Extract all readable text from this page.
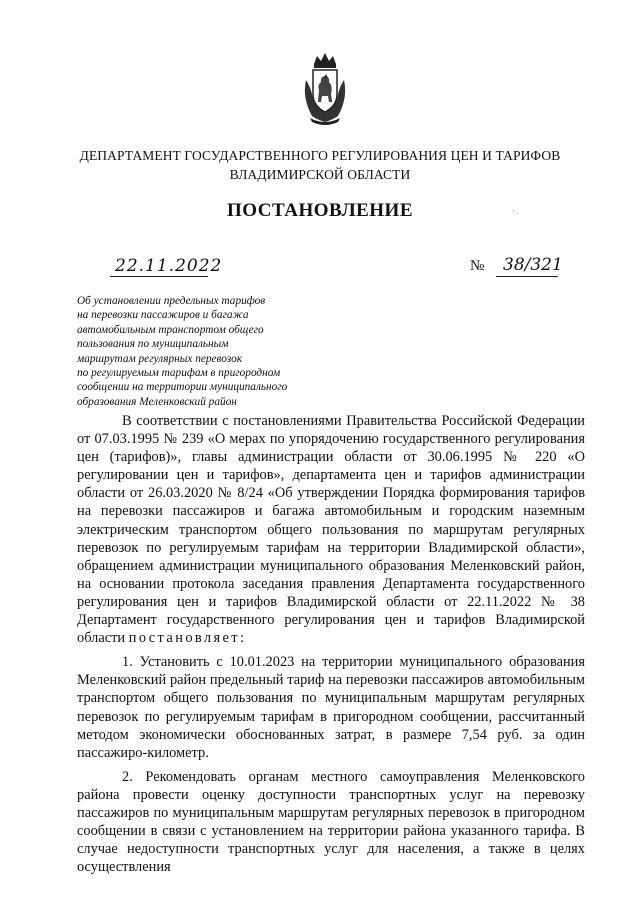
ДЕПАРТАМЕНТ ГОСУДАРСТВЕННОГО РЕГУЛИРОВАНИЯ ЦЕН И ТАРИФОВ
ВЛАДИМИРСКОЙ ОБЛАСТИ
ПОСТАНОВЛЕНИЕ	· .
22.11.2022	№ 38/321
Об установлении предельных тарифов
на перевозки пассажиров и багажа
автомобильным транспортом общего
пользования по муниципальным
маршрутам регулярных перевозок
по регулируемым тарифам в пригородном
сообщении на территории муниципального
образования Меленковский район

В соответствии с постановлениями Правительства Российской Федерации от 07.03.1995 № 239 «О мерах по упорядочению государственного регулирования цен (тарифов)», главы администрации области от 30.06.1995 № 220 «О регулировании цен и тарифов», департамента цен и тарифов администрации области от 26.03.2020 № 8/24 «Об утверждении Порядка формирования тарифов на перевозки пассажиров и багажа автомобильным и городским наземным электрическим транспортом общего пользования по маршрутам регулярных перевозок по регулируемым тарифам на территории Владимирской области», обращением администрации муниципального образования Меленковский район, на основании протокола заседания правления Департамента государственного регулирования цен и тарифов Владимирской области от 22.11.2022 № 38 Департамент государственного регулирования цен и тарифов Владимирской области постановляет:

1. Установить с 10.01.2023 на территории муниципального образования Меленковский район предельный тариф на перевозки пассажиров автомобильным транспортом общего пользования по муниципальным маршрутам регулярных перевозок по регулируемым тарифам в пригородном сообщении, рассчитанный методом экономически обоснованных затрат, в размере 7,54 руб. за один пассажиро-километр.

2. Рекомендовать органам местного самоуправления Меленковского района провести оценку доступности транспортных услуг на перевозку пассажиров по муниципальным маршрутам регулярных перевозок в пригородном сообщении в связи с установлением на территории района указанного тарифа. В случае недоступности транспортных услуг для населения, а также в целях осуществления
